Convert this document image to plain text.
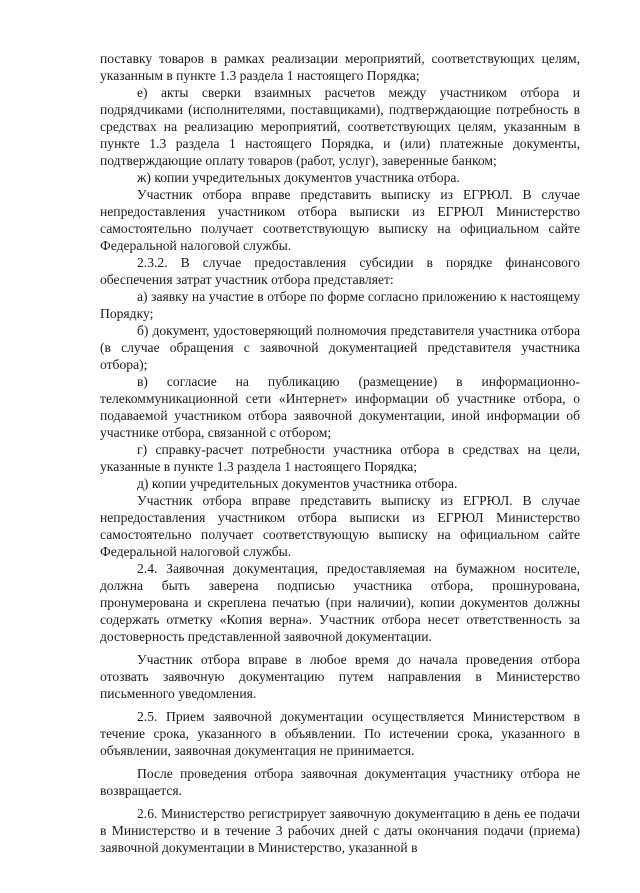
поставку товаров в рамках реализации мероприятий, соответствующих целям, указанным в пункте 1.3 раздела 1 настоящего Порядка;

е) акты сверки взаимных расчетов между участником отбора и подрядчиками (исполнителями, поставщиками), подтверждающие потребность в средствах на реализацию мероприятий, соответствующих целям, указанным в пункте 1.3 раздела 1 настоящего Порядка, и (или) платежные документы, подтверждающие оплату товаров (работ, услуг), заверенные банком;

ж) копии учредительных документов участника отбора.

Участник отбора вправе представить выписку из ЕГРЮЛ. В случае непредоставления участником отбора выписки из ЕГРЮЛ Министерство самостоятельно получает соответствующую выписку на официальном сайте Федеральной налоговой службы.

2.3.2. В случае предоставления субсидии в порядке финансового обеспечения затрат участник отбора представляет:

а) заявку на участие в отборе по форме согласно приложению к настоящему Порядку;

б) документ, удостоверяющий полномочия представителя участника отбора (в случае обращения с заявочной документацией представителя участника отбора);

в) согласие на публикацию (размещение) в информационно-телекоммуникационной сети «Интернет» информации об участнике отбора, о подаваемой участником отбора заявочной документации, иной информации об участнике отбора, связанной с отбором;

г) справку-расчет потребности участника отбора в средствах на цели, указанные в пункте 1.3 раздела 1 настоящего Порядка;

д) копии учредительных документов участника отбора.

Участник отбора вправе представить выписку из ЕГРЮЛ. В случае непредоставления участником отбора выписки из ЕГРЮЛ Министерство самостоятельно получает соответствующую выписку на официальном сайте Федеральной налоговой службы.

2.4. Заявочная документация, предоставляемая на бумажном носителе, должна быть заверена подписью участника отбора, прошнурована, пронумерована и скреплена печатью (при наличии), копии документов должны содержать отметку «Копия верна». Участник отбора несет ответственность за достоверность представленной заявочной документации.

Участник отбора вправе в любое время до начала проведения отбора отозвать заявочную документацию путем направления в Министерство письменного уведомления.

2.5. Прием заявочной документации осуществляется Министерством в течение срока, указанного в объявлении. По истечении срока, указанного в объявлении, заявочная документация не принимается.

После проведения отбора заявочная документация участнику отбора не возвращается.

2.6. Министерство регистрирует заявочную документацию в день ее подачи в Министерство и в течение 3 рабочих дней с даты окончания подачи (приема) заявочной документации в Министерство, указанной в
